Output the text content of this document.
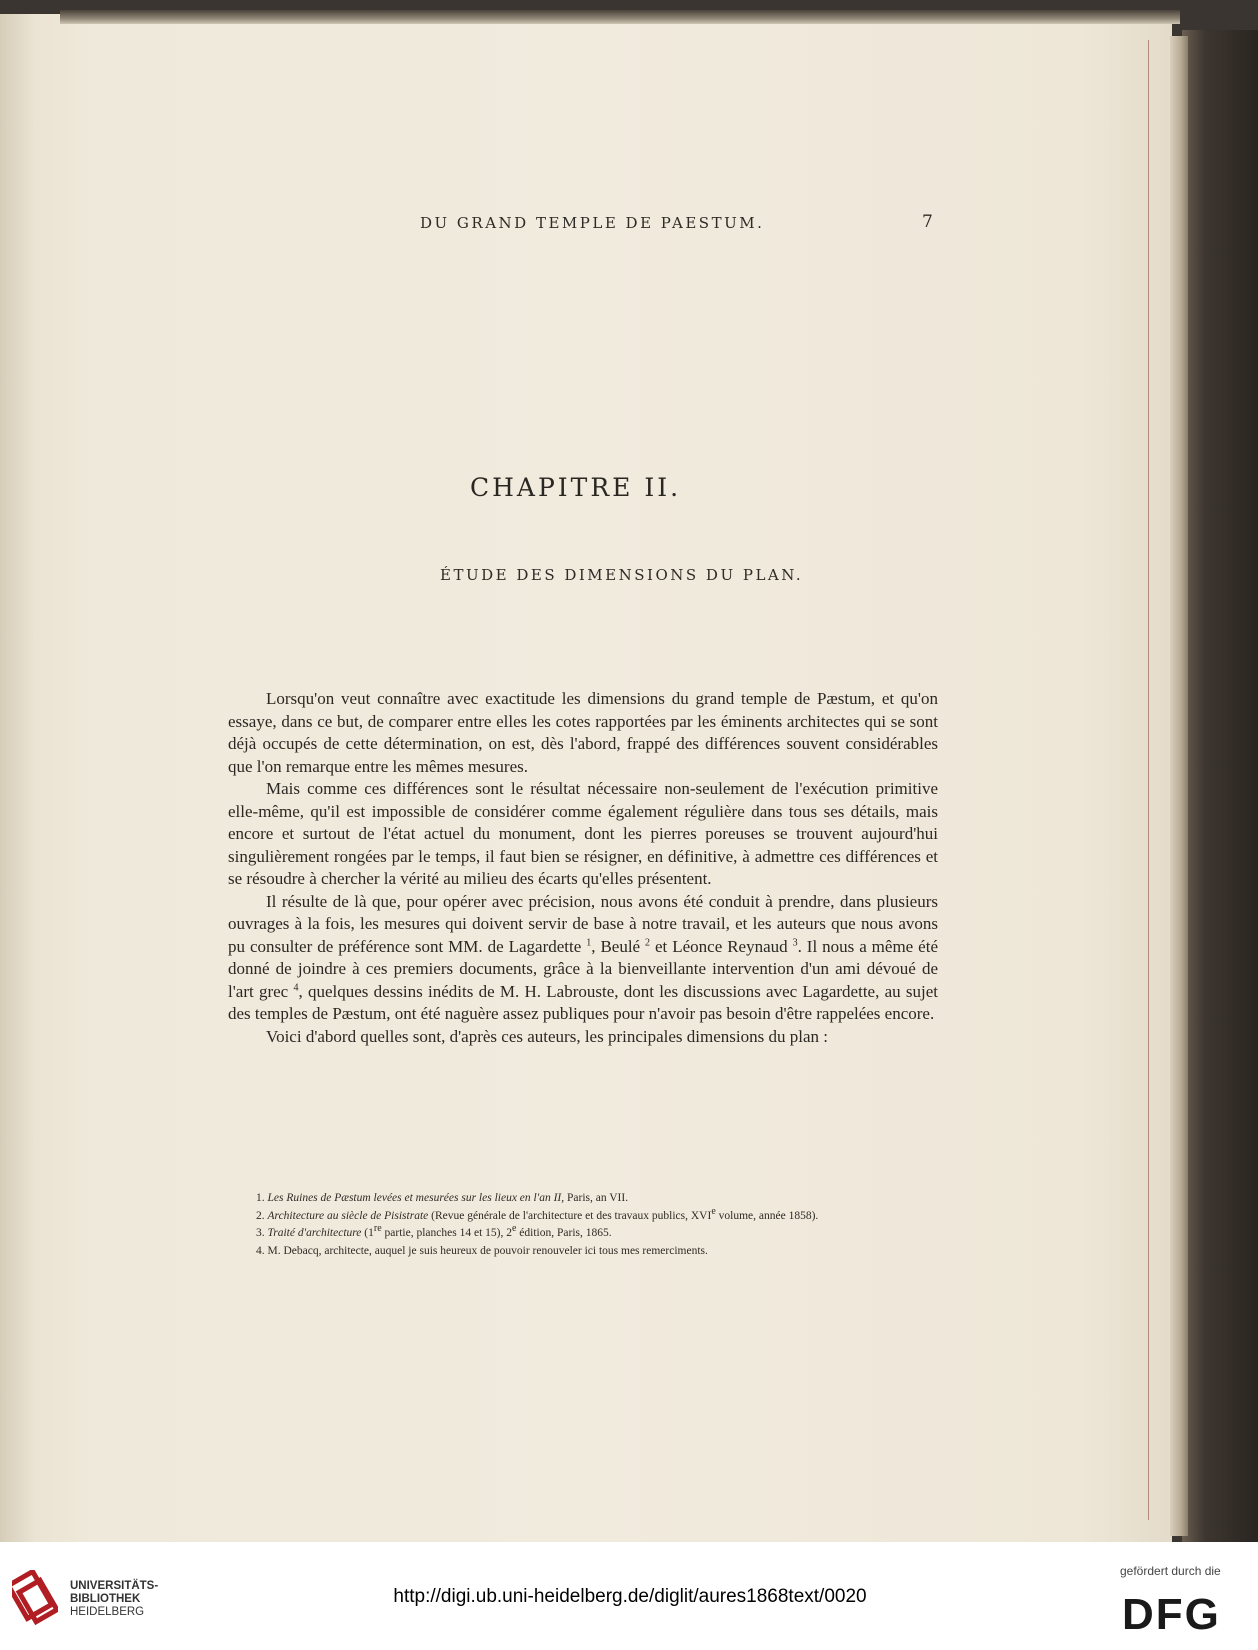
DU GRAND TEMPLE DE PAESTUM.	7
CHAPITRE II.
ÉTUDE DES DIMENSIONS DU PLAN.

Lorsqu'on veut connaître avec exactitude les dimensions du grand temple de Pæstum, et qu'on essaye, dans ce but, de comparer entre elles les cotes rapportées par les éminents architectes qui se sont déjà occupés de cette détermination, on est, dès l'abord, frappé des différences souvent considérables que l'on remarque entre les mêmes mesures.

Mais comme ces différences sont le résultat nécessaire non-seulement de l'exécution primitive elle-même, qu'il est impossible de considérer comme également régulière dans tous ses détails, mais encore et surtout de l'état actuel du monument, dont les pierres poreuses se trouvent aujourd'hui singulièrement rongées par le temps, il faut bien se résigner, en définitive, à admettre ces différences et se résoudre à chercher la vérité au milieu des écarts qu'elles présentent.

Il résulte de là que, pour opérer avec précision, nous avons été conduit à prendre, dans plusieurs ouvrages à la fois, les mesures qui doivent servir de base à notre travail, et les auteurs que nous avons pu consulter de préférence sont MM. de Lagardette $^1$, Beulé $^2$ et Léonce Reynaud $^3$. Il nous a même été donné de joindre à ces premiers documents, grâce à la bienveillante intervention d'un ami dévoué de l'art grec $^4$, quelques dessins inédits de M. H. Labrouste, dont les discussions avec Lagardette, au sujet des temples de Pæstum, ont été naguère assez publiques pour n'avoir pas besoin d'être rappelées encore.

Voici d'abord quelles sont, d'après ces auteurs, les principales dimensions du plan :

1. Les Ruines de Pæstum levées et mesurées sur les lieux en l'an II, Paris, an VII.

2. Architecture au siècle de Pisistrate (Revue générale de l'architecture et des travaux publics, XVIe volume, année 1858).

3. Traité d'architecture (1re partie, planches 14 et 15), 2e édition, Paris, 1865.

4. M. Debacq, architecte, auquel je suis heureux de pouvoir renouveler ici tous mes remerciments.

UNIVERSITÄTS-
BIBLIOTHEK
HEIDELBERG
http://digi.ub.uni-heidelberg.de/diglit/aures1868text/0020
gefördert durch die
DFG
